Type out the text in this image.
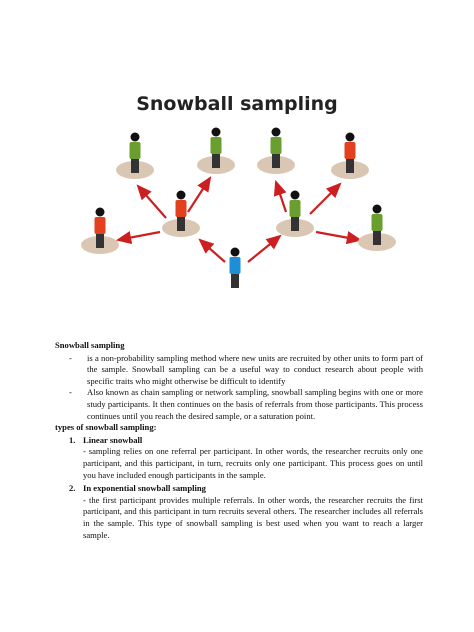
Snowball sampling
Snowball sampling
-	is a non-probability sampling method where new units are recruited by other units to form part of the sample. Snowball sampling can be a useful way to conduct research about people with specific traits who might otherwise be difficult to identify
-	Also known as chain sampling or network sampling, snowball sampling begins with one or more study participants. It then continues on the basis of referrals from those participants. This process continues until you reach the desired sample, or a saturation point.
types of snowball sampling:
1. Linear snowball
- sampling relies on one referral per participant. In other words, the researcher recruits only one participant, and this participant, in turn, recruits only one participant. This process goes on until you have included enough participants in the sample.
2. In exponential snowball sampling
- the first participant provides multiple referrals. In other words, the researcher recruits the first participant, and this participant in turn recruits several others. The researcher includes all referrals in the sample. This type of snowball sampling is best used when you want to reach a larger sample.
